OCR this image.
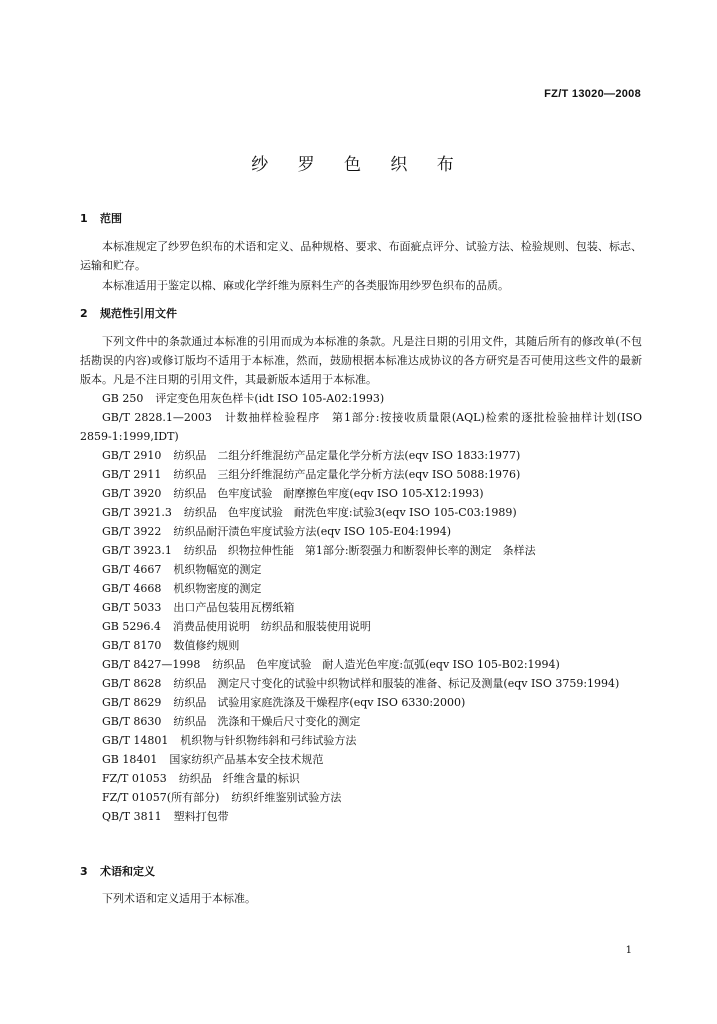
FZ/T 13020—2008
纱 罗 色 织 布
1 范围
本标准规定了纱罗色织布的术语和定义、品种规格、要求、布面疵点评分、试验方法、检验规则、包装、标志、运输和贮存。
本标准适用于鉴定以棉、麻或化学纤维为原料生产的各类服饰用纱罗色织布的品质。
2 规范性引用文件
下列文件中的条款通过本标准的引用而成为本标准的条款。凡是注日期的引用文件，其随后所有的修改单(不包括勘误的内容)或修订版均不适用于本标准，然而，鼓励根据本标准达成协议的各方研究是否可使用这些文件的最新版本。凡是不注日期的引用文件，其最新版本适用于本标准。
GB 250 评定变色用灰色样卡(idt ISO 105-A02:1993)
GB/T 2828.1—2003 计数抽样检验程序　第1部分:按接收质量限(AQL)检索的逐批检验抽样计划(ISO 2859-1:1999,IDT)
GB/T 2910 纺织品　二组分纤维混纺产品定量化学分析方法(eqv ISO 1833:1977)
GB/T 2911 纺织品　三组分纤维混纺产品定量化学分析方法(eqv ISO 5088:1976)
GB/T 3920 纺织品　色牢度试验　耐摩擦色牢度(eqv ISO 105-X12:1993)
GB/T 3921.3 纺织品　色牢度试验　耐洗色牢度:试验3(eqv ISO 105-C03:1989)
GB/T 3922 纺织品耐汗渍色牢度试验方法(eqv ISO 105-E04:1994)
GB/T 3923.1 纺织品　织物拉伸性能　第1部分:断裂强力和断裂伸长率的测定　条样法
GB/T 4667 机织物幅宽的测定
GB/T 4668 机织物密度的测定
GB/T 5033 出口产品包装用瓦楞纸箱
GB 5296.4 消费品使用说明　纺织品和服装使用说明
GB/T 8170 数值修约规则
GB/T 8427—1998 纺织品　色牢度试验　耐人造光色牢度:氙弧(eqv ISO 105-B02:1994)
GB/T 8628 纺织品　测定尺寸变化的试验中织物试样和服装的准备、标记及测量(eqv ISO 3759:1994)
GB/T 8629 纺织品　试验用家庭洗涤及干燥程序(eqv ISO 6330:2000)
GB/T 8630 纺织品　洗涤和干燥后尺寸变化的测定
GB/T 14801 机织物与针织物纬斜和弓纬试验方法
GB 18401 国家纺织产品基本安全技术规范
FZ/T 01053 纺织品　纤维含量的标识
FZ/T 01057(所有部分) 纺织纤维鉴别试验方法
QB/T 3811 塑料打包带
3 术语和定义
下列术语和定义适用于本标准。
1
